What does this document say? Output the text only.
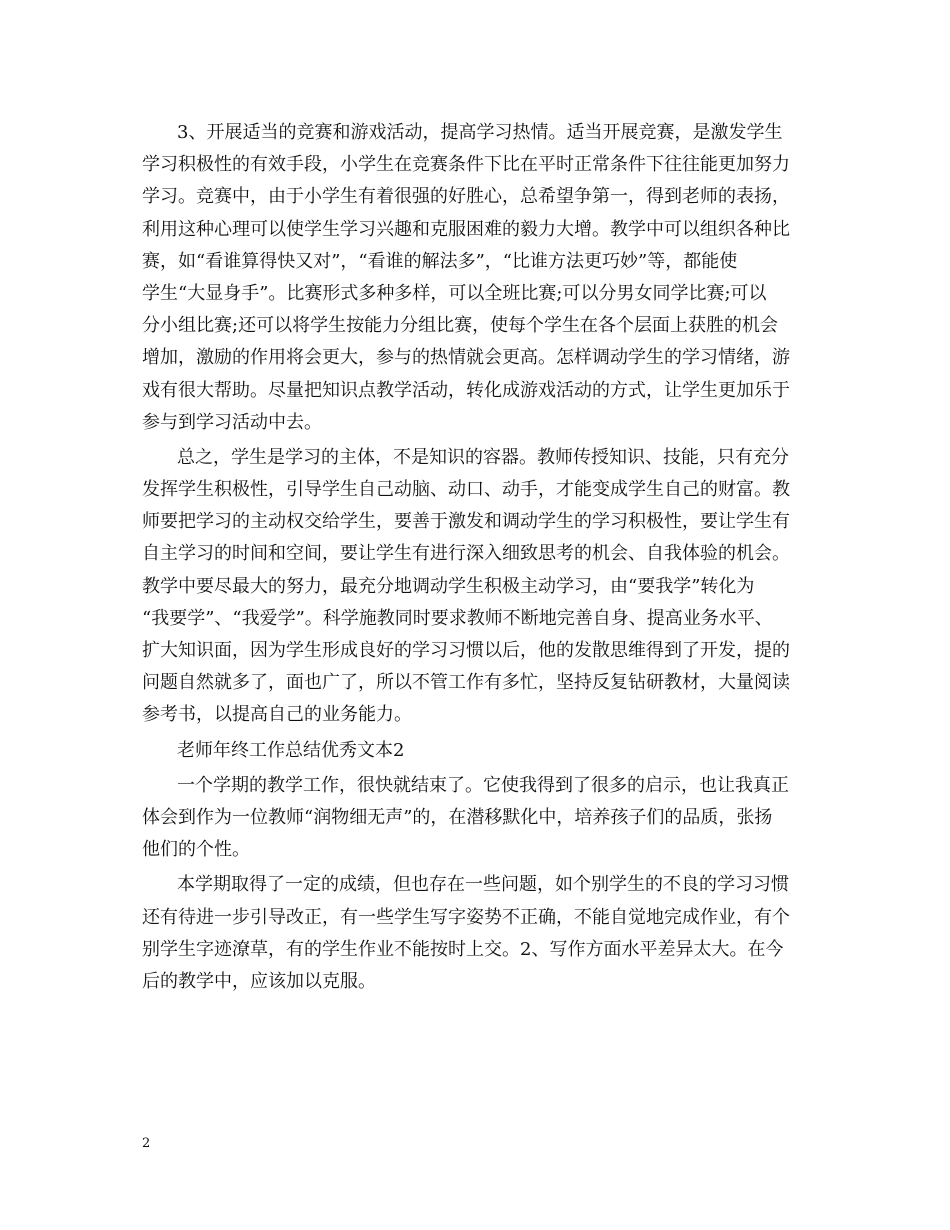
3、开展适当的竞赛和游戏活动，提高学习热情。适当开展竞赛，是激发学生
学习积极性的有效手段，小学生在竞赛条件下比在平时正常条件下往往能更加努力
学习。竞赛中，由于小学生有着很强的好胜心，总希望争第一，得到老师的表扬，
利用这种心理可以使学生学习兴趣和克服困难的毅力大增。教学中可以组织各种比
赛，如“看谁算得快又对”，“看谁的解法多”，“比谁方法更巧妙”等，都能使
学生“大显身手”。比赛形式多种多样，可以全班比赛;可以分男女同学比赛;可以
分小组比赛;还可以将学生按能力分组比赛，使每个学生在各个层面上获胜的机会
增加，激励的作用将会更大，参与的热情就会更高。怎样调动学生的学习情绪，游
戏有很大帮助。尽量把知识点教学活动，转化成游戏活动的方式，让学生更加乐于
参与到学习活动中去。
总之，学生是学习的主体，不是知识的容器。教师传授知识、技能，只有充分
发挥学生积极性，引导学生自己动脑、动口、动手，才能变成学生自己的财富。教
师要把学习的主动权交给学生，要善于激发和调动学生的学习积极性，要让学生有
自主学习的时间和空间，要让学生有进行深入细致思考的机会、自我体验的机会。
教学中要尽最大的努力，最充分地调动学生积极主动学习，由“要我学”转化为
“我要学”、“我爱学”。科学施教同时要求教师不断地完善自身、提高业务水平、
扩大知识面，因为学生形成良好的学习习惯以后，他的发散思维得到了开发，提的
问题自然就多了，面也广了，所以不管工作有多忙，坚持反复钻研教材，大量阅读
参考书，以提高自己的业务能力。
老师年终工作总结优秀文本2
一个学期的教学工作，很快就结束了。它使我得到了很多的启示，也让我真正
体会到作为一位教师“润物细无声”的，在潜移默化中，培养孩子们的品质，张扬
他们的个性。
本学期取得了一定的成绩，但也存在一些问题，如个别学生的不良的学习习惯
还有待进一步引导改正，有一些学生写字姿势不正确，不能自觉地完成作业，有个
别学生字迹潦草，有的学生作业不能按时上交。2、写作方面水平差异太大。在今
后的教学中，应该加以克服。
2
